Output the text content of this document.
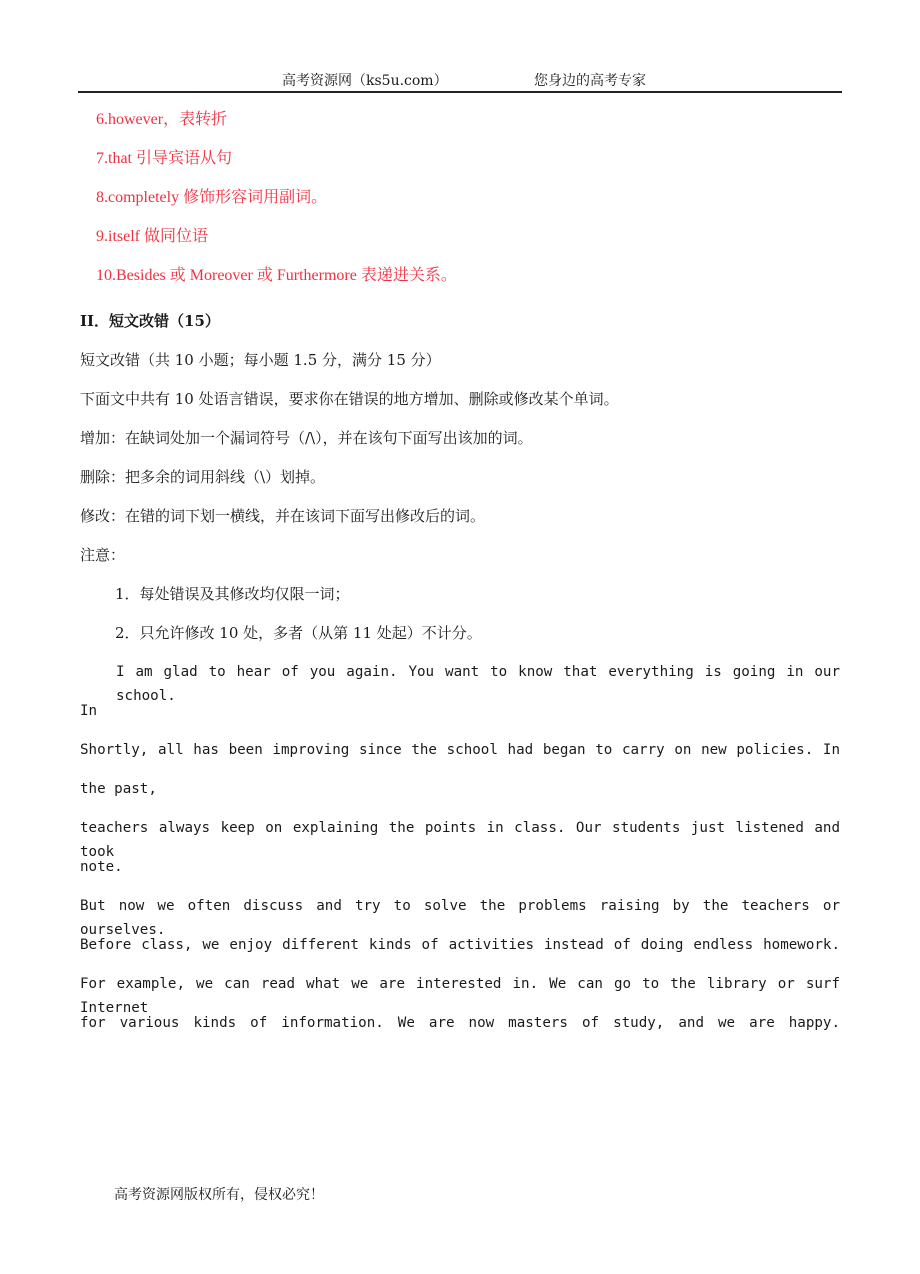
高考资源网（ks5u.com）	您身边的高考专家
6.however，表转折
7.that 引导宾语从句
8.completely 修饰形容词用副词。
9.itself 做同位语
10.Besides 或 Moreover 或 Furthermore 表递进关系。
II．短文改错（15）
短文改错（共 10 小题；每小题 1.5 分，满分 15 分）
下面文中共有 10 处语言错误，要求你在错误的地方增加、删除或修改某个单词。
增加：在缺词处加一个漏词符号（/\），并在该句下面写出该加的词。
删除：把多余的词用斜线（\）划掉。
修改：在错的词下划一横线，并在该词下面写出修改后的词。
注意：
1．每处错误及其修改均仅限一词；
2．只允许修改 10 处，多者（从第 11 处起）不计分。
I am glad to hear of you again. You want to know that everything is going in our school.
In
Shortly, all has been improving since the school had began to carry on new policies. In
the past,
teachers always keep on explaining the points in class. Our students just listened and took
note.
But now we often discuss and try to solve the problems raising by the teachers or ourselves.
Before class, we enjoy different kinds of activities instead of doing endless homework.
For example, we can read what we are interested in. We can go to the library or surf Internet
for various kinds of information. We are now masters of study, and we are happy.
高考资源网版权所有，侵权必究！
